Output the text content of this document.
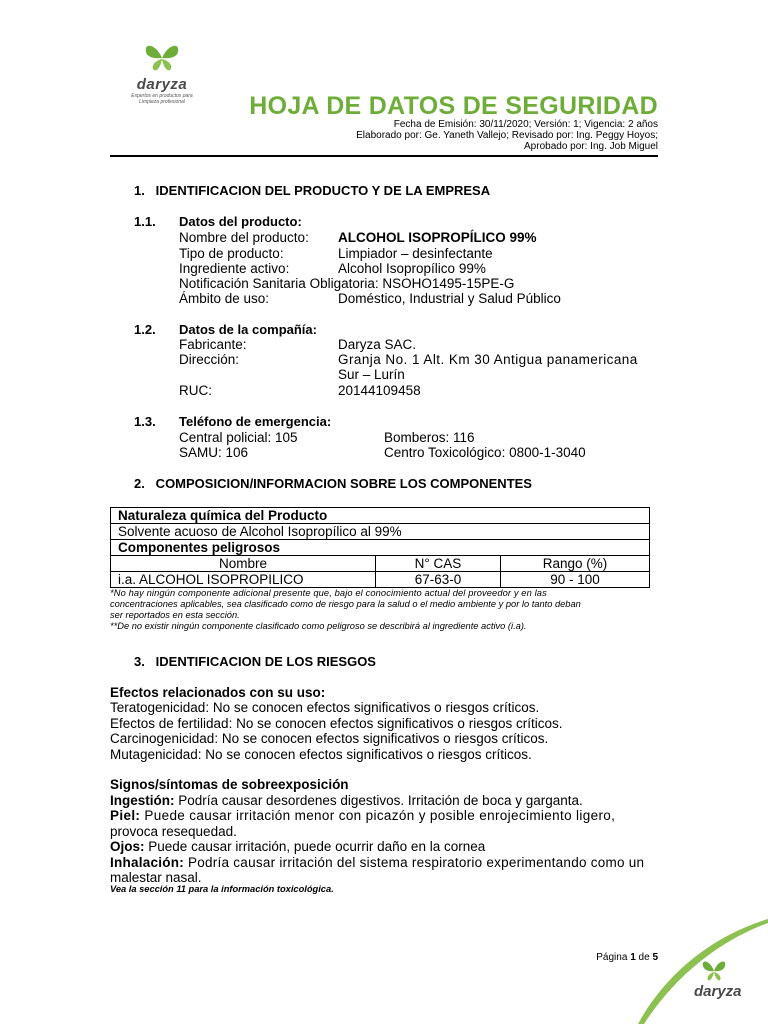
daryza
Expertos en productos para
Limpieza profesional	HOJA DE DATOS DE SEGURIDAD
Fecha de Emisión: 30/11/2020; Versión: 1; Vigencia: 2 años
Elaborado por: Ge. Yaneth Vallejo; Revisado por: Ing. Peggy Hoyos;
Aprobado por: Ing. Job Miguel
1.   IDENTIFICACION DEL PRODUCTO Y DE LA EMPRESA
1.1. Datos del producto:
Nombre del producto: ALCOHOL ISOPROPÍLICO 99%
Tipo de producto:	Limpiador – desinfectante
Ingrediente activo:	Alcohol Isopropílico 99%
Notificación Sanitaria Obligatoria: NSOHO1495-15PE-G
Ámbito de uso:	Doméstico, Industrial y Salud Público
1.2. Datos de la compañía:
Fabricante:	Daryza SAC.
Dirección:	Granja No. 1 Alt. Km 30 Antigua panamericana
Sur – Lurín
RUC:	20144109458
1.3. Teléfono de emergencia:
Central policial: 105	Bomberos: 116
SAMU: 106	Centro Toxicológico: 0800-1-3040
2.   COMPOSICION/INFORMACION SOBRE LOS COMPONENTES
Naturaleza química del Producto		
Solvente acuoso de Alcohol Isopropílico al 99%		
Componentes peligrosos		
Nombre	N° CAS	Rango (%)
i.a. ALCOHOL ISOPROPILICO	67-63-0	90 - 100
*No hay ningún componente adicional presente que, bajo el conocimiento actual del proveedor y en las
concentraciones aplicables, sea clasificado como de riesgo para la salud o el medio ambiente y por lo tanto deban
ser reportados en esta sección.
**De no existir ningún componente clasificado como peligroso se describirá al ingrediente activo (i.a).
3.   IDENTIFICACION DE LOS RIESGOS
Efectos relacionados con su uso:
Teratogenicidad: No se conocen efectos significativos o riesgos críticos.
Efectos de fertilidad: No se conocen efectos significativos o riesgos críticos.
Carcinogenicidad: No se conocen efectos significativos o riesgos críticos.
Mutagenicidad: No se conocen efectos significativos o riesgos críticos.
Signos/síntomas de sobreexposición
Ingestión: Podría causar desordenes digestivos. Irritación de boca y garganta.
Piel: Puede causar irritación menor con picazón y posible enrojecimiento ligero,
provoca resequedad.
Ojos: Puede causar irritación, puede ocurrir daño en la cornea
Inhalación: Podría causar irritación del sistema respiratorio experimentando como un
malestar nasal.
Vea la sección 11 para la información toxicológica.
Página 1 de 5
daryza
